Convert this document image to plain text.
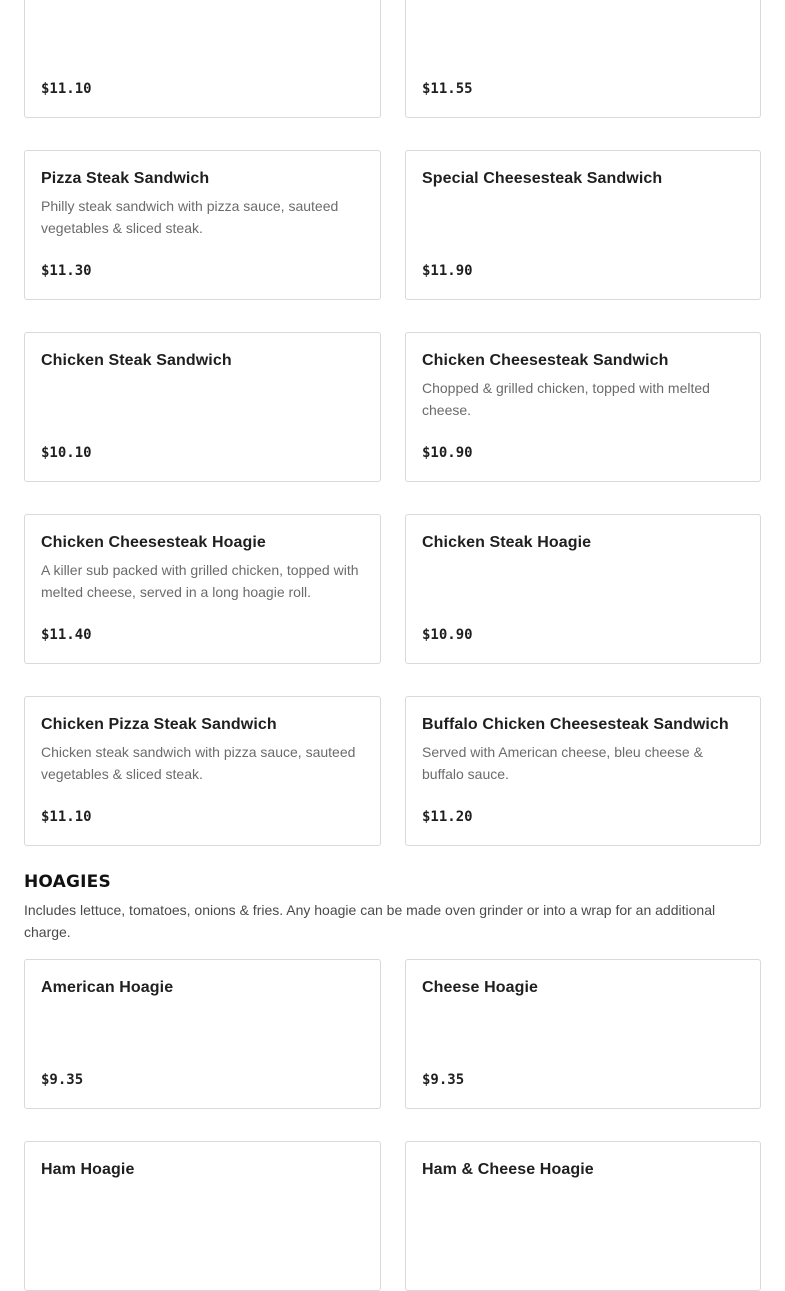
$11.10	$11.55
Pizza Steak Sandwich
Philly steak sandwich with pizza sauce, sauteed vegetables & sliced steak.
$11.30
Special Cheesesteak Sandwich
$11.90
Chicken Steak Sandwich
$10.10
Chicken Cheesesteak Sandwich
Chopped & grilled chicken, topped with melted cheese.
$10.90
Chicken Cheesesteak Hoagie
A killer sub packed with grilled chicken, topped with melted cheese, served in a long hoagie roll.
$11.40
Chicken Steak Hoagie
$10.90
Chicken Pizza Steak Sandwich
Chicken steak sandwich with pizza sauce, sauteed vegetables & sliced steak.
$11.10
Buffalo Chicken Cheesesteak Sandwich
Served with American cheese, bleu cheese & buffalo sauce.
$11.20
HOAGIES
Includes lettuce, tomatoes, onions & fries. Any hoagie can be made oven grinder or into a wrap for an additional charge.
American Hoagie
$9.35
Cheese Hoagie
$9.35
Ham Hoagie	Ham & Cheese Hoagie
